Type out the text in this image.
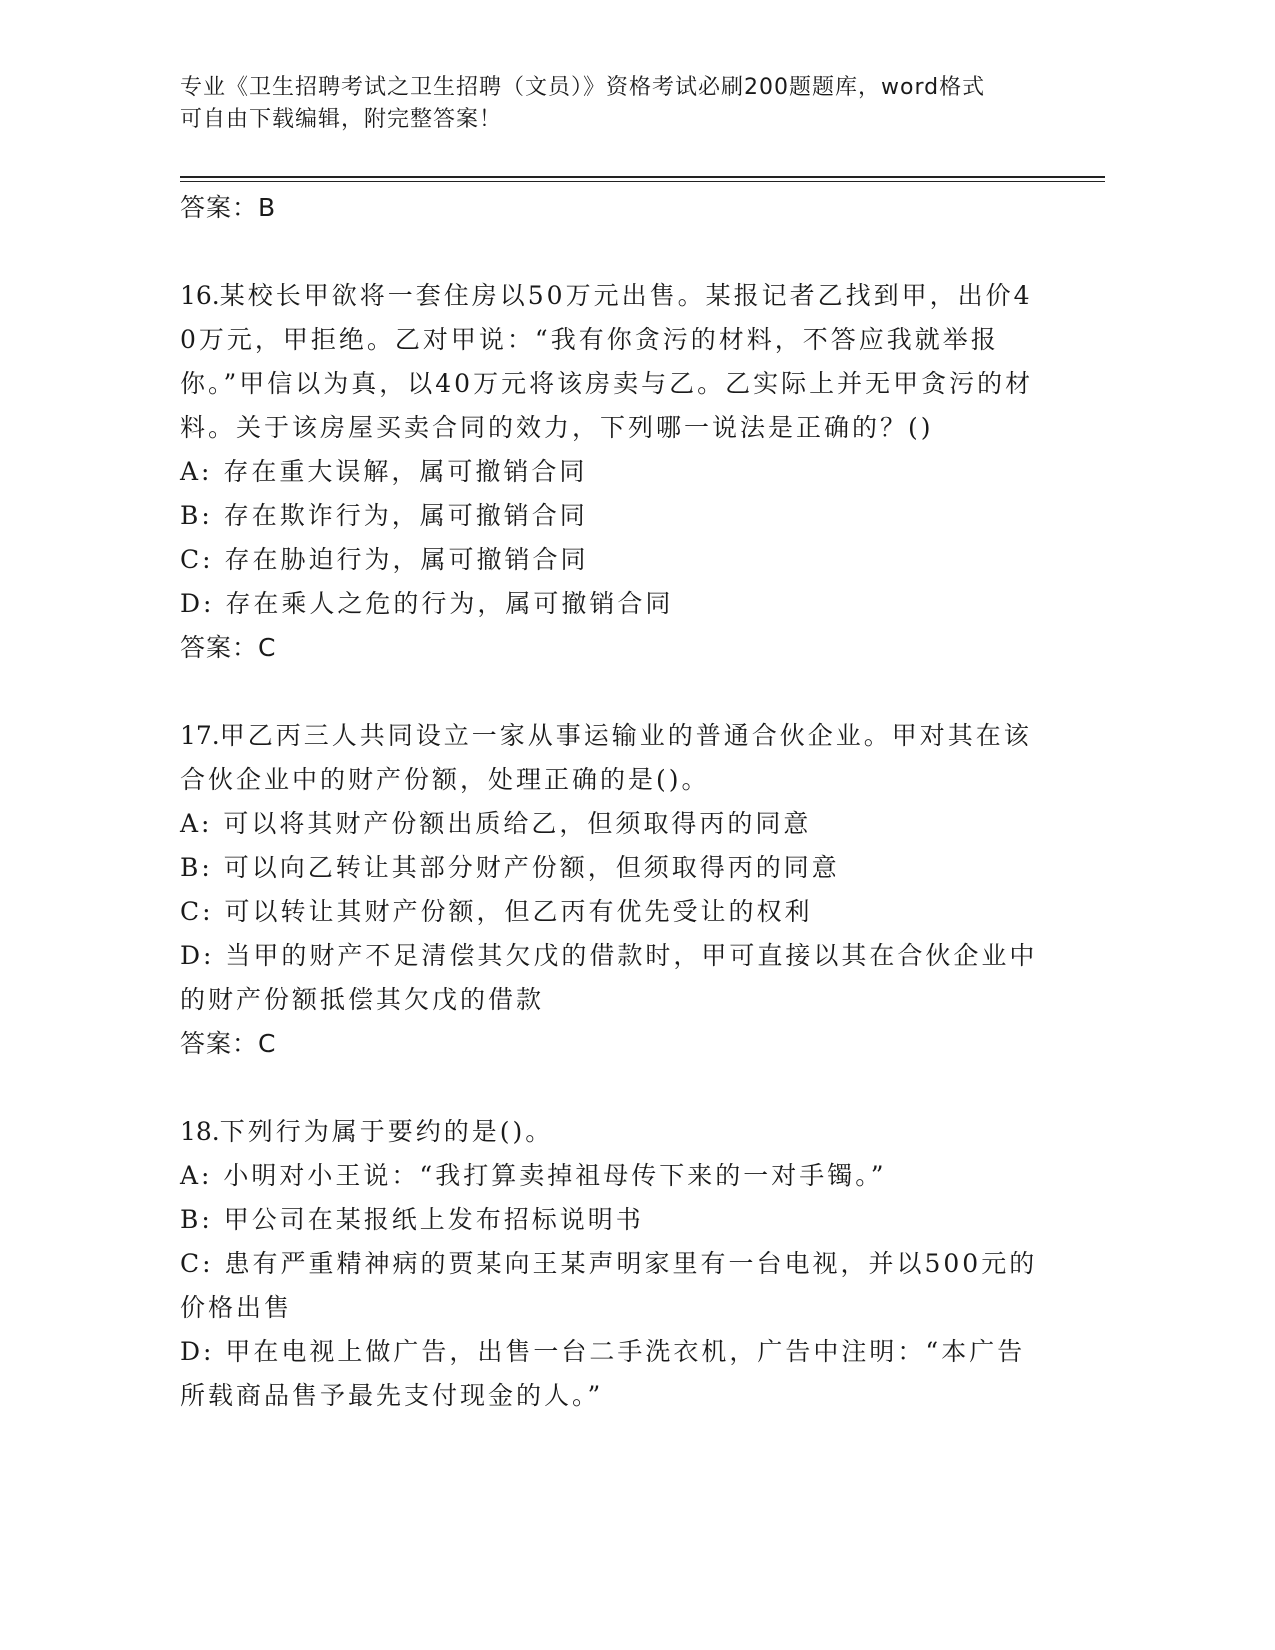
专业《卫生招聘考试之卫生招聘（文员）》资格考试必刷200题题库，word格式
可自由下载编辑，附完整答案！
答案：B
16.某校长甲欲将一套住房以50万元出售。某报记者乙找到甲，出价40万元，甲拒绝。乙对甲说：“我有你贪污的材料，不答应我就举报你。”甲信以为真，以40万元将该房卖与乙。乙实际上并无甲贪污的材料。关于该房屋买卖合同的效力，下列哪一说法是正确的？()
A: 存在重大误解，属可撤销合同
B: 存在欺诈行为，属可撤销合同
C: 存在胁迫行为，属可撤销合同
D: 存在乘人之危的行为，属可撤销合同
答案：C
17.甲乙丙三人共同设立一家从事运输业的普通合伙企业。甲对其在该合伙企业中的财产份额，处理正确的是()。
A: 可以将其财产份额出质给乙，但须取得丙的同意
B: 可以向乙转让其部分财产份额，但须取得丙的同意
C: 可以转让其财产份额，但乙丙有优先受让的权利
D: 当甲的财产不足清偿其欠戊的借款时，甲可直接以其在合伙企业中的财产份额抵偿其欠戊的借款
答案：C
18.下列行为属于要约的是()。
A: 小明对小王说：“我打算卖掉祖母传下来的一对手镯。”
B: 甲公司在某报纸上发布招标说明书
C: 患有严重精神病的贾某向王某声明家里有一台电视，并以500元的价格出售
D: 甲在电视上做广告，出售一台二手洗衣机，广告中注明：“本广告所载商品售予最先支付现金的人。”
